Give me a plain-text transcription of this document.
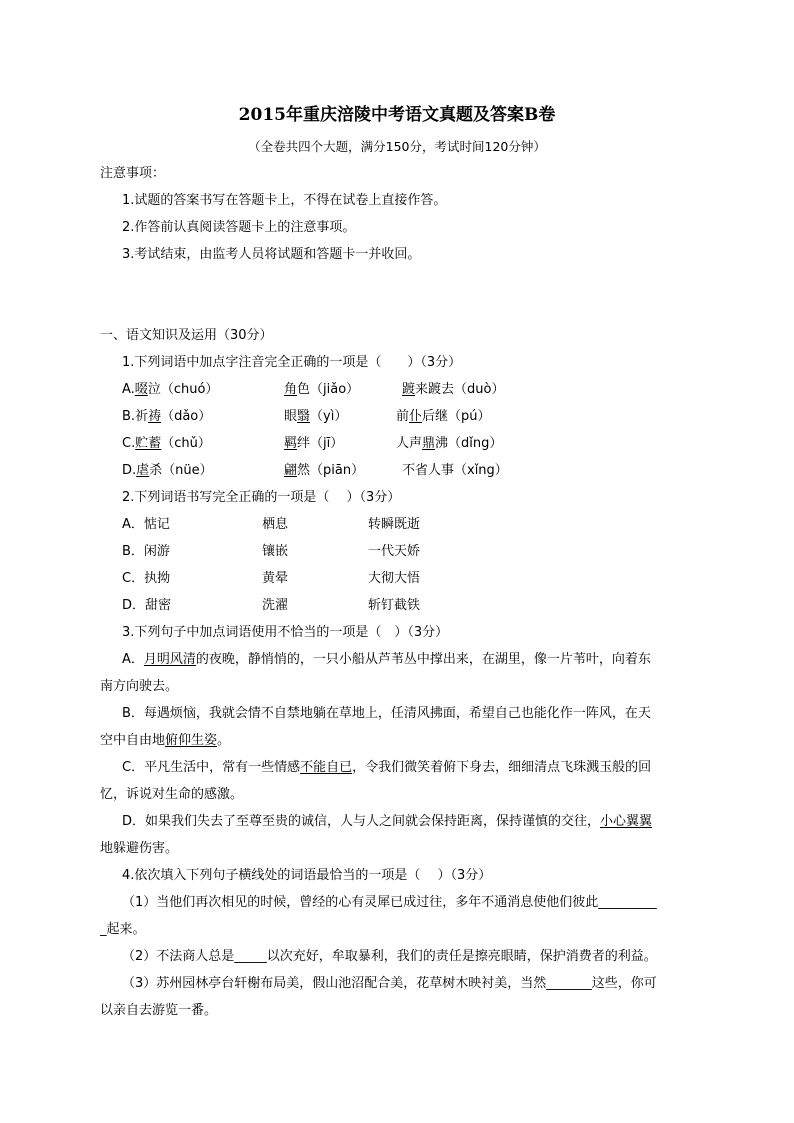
2015年重庆涪陵中考语文真题及答案B卷
（全卷共四个大题，满分150分，考试时间120分钟）
注意事项：
1.试题的答案书写在答题卡上，不得在试卷上直接作答。
2.作答前认真阅读答题卡上的注意事项。
3.考试结束，由监考人员将试题和答题卡一并收回。
一、语文知识及运用（30分）
1.下列词语中加点字注音完全正确的一项是（　　）（3分）
A.啜泣（chuó）	角色（jiǎo）	踱来踱去（duò）
B.祈祷（dǎo）	眼翳（yì）	前仆后继（pú）
C.贮蓄（chǔ）	羁绊（jī）	人声鼎沸（dǐng）
D.虐杀（nüe）	翩然（piān）	不省人事（xǐng）
2.下列词语书写完全正确的一项是（　 ）（3分）
A．惦记	栖息	转瞬既逝
B．闲游	镶嵌	一代天娇
C．执拗	黄晕	大彻大悟
D．甜密	洗濯	斩钉截铁
3.下列句子中加点词语使用不恰当的一项是（　）（3分）
A．月明风清的夜晚，静悄悄的，一只小船从芦苇丛中撑出来，在湖里，像一片苇叶，向着东
南方向驶去。
B．每遇烦恼，我就会情不自禁地躺在草地上，任清风拂面，希望自己也能化作一阵风，在天
空中自由地俯仰生姿。
C．平凡生活中，常有一些情感不能自已，令我们微笑着俯下身去，细细清点飞珠溅玉般的回
忆，诉说对生命的感激。
D．如果我们失去了至尊至贵的诚信，人与人之间就会保持距离，保持谨慎的交往，小心翼翼
地躲避伤害。
4.依次填入下列句子横线处的词语最恰当的一项是（　 ）（3分）
（1）当他们再次相见的时候，曾经的心有灵犀已成过往，多年不通消息使他们彼此_________
_起来。
（2）不法商人总是_____以次充好，牟取暴利，我们的责任是擦亮眼睛，保护消费者的利益。
（3）苏州园林亭台轩榭布局美，假山池沼配合美，花草树木映衬美，当然_______这些，你可
以亲自去游览一番。
